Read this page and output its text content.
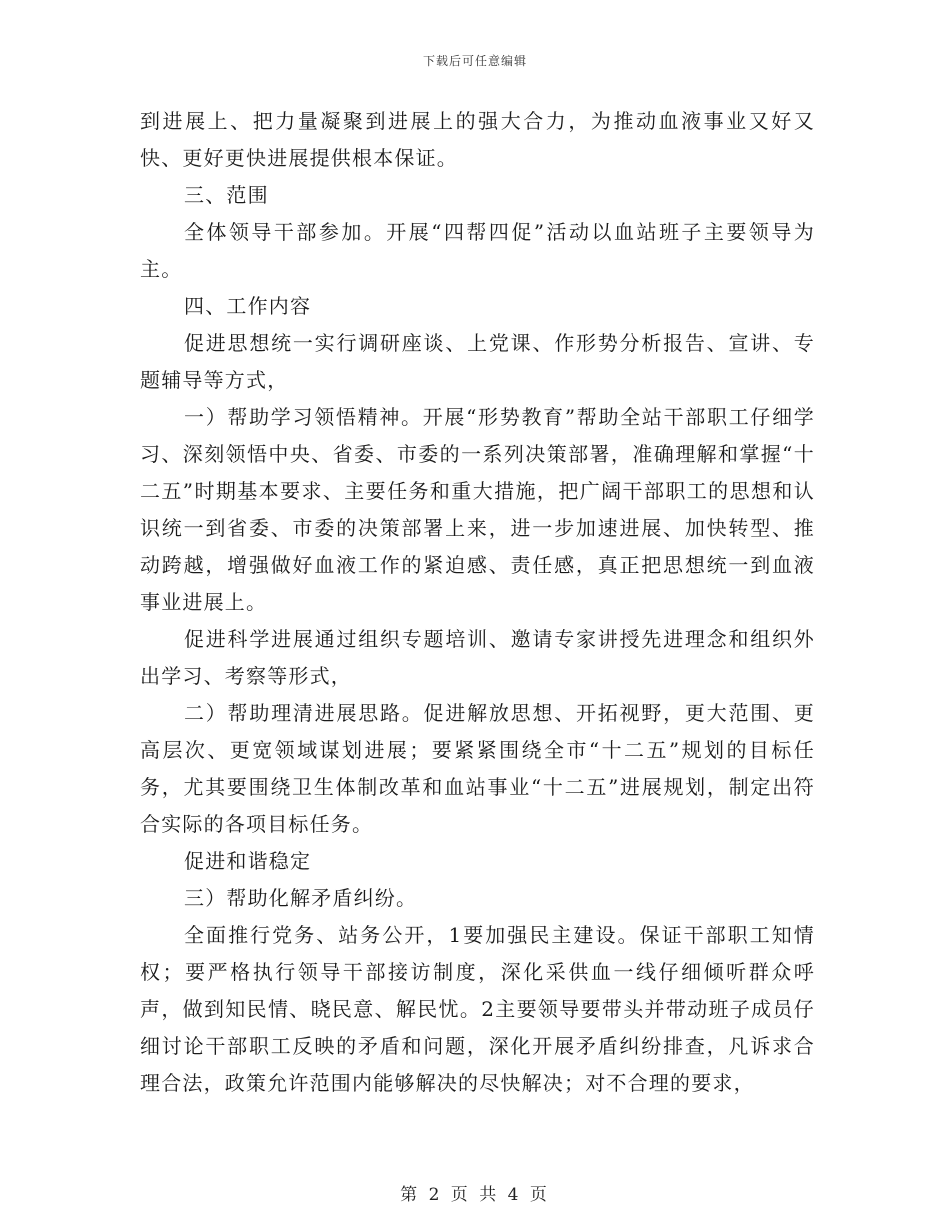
下载后可任意编辑

到进展上、把力量凝聚到进展上的强大合力，为推动血液事业又好又快、更好更快进展提供根本保证。

三、范围

全体领导干部参加。开展“四帮四促”活动以血站班子主要领导为主。

四、工作内容

促进思想统一实行调研座谈、上党课、作形势分析报告、宣讲、专题辅导等方式，

一）帮助学习领悟精神。开展“形势教育”帮助全站干部职工仔细学习、深刻领悟中央、省委、市委的一系列决策部署，准确理解和掌握“十二五”时期基本要求、主要任务和重大措施，把广阔干部职工的思想和认识统一到省委、市委的决策部署上来，进一步加速进展、加快转型、推动跨越，增强做好血液工作的紧迫感、责任感，真正把思想统一到血液事业进展上。

促进科学进展通过组织专题培训、邀请专家讲授先进理念和组织外出学习、考察等形式，

二）帮助理清进展思路。促进解放思想、开拓视野，更大范围、更高层次、更宽领域谋划进展；要紧紧围绕全市“十二五”规划的目标任务，尤其要围绕卫生体制改革和血站事业“十二五”进展规划，制定出符合实际的各项目标任务。

促进和谐稳定

三）帮助化解矛盾纠纷。

全面推行党务、站务公开，1要加强民主建设。保证干部职工知情权；要严格执行领导干部接访制度，深化采供血一线仔细倾听群众呼声，做到知民情、晓民意、解民忧。2主要领导要带头并带动班子成员仔细讨论干部职工反映的矛盾和问题，深化开展矛盾纠纷排查，凡诉求合理合法，政策允许范围内能够解决的尽快解决；对不合理的要求，

第 2 页 共 4 页
